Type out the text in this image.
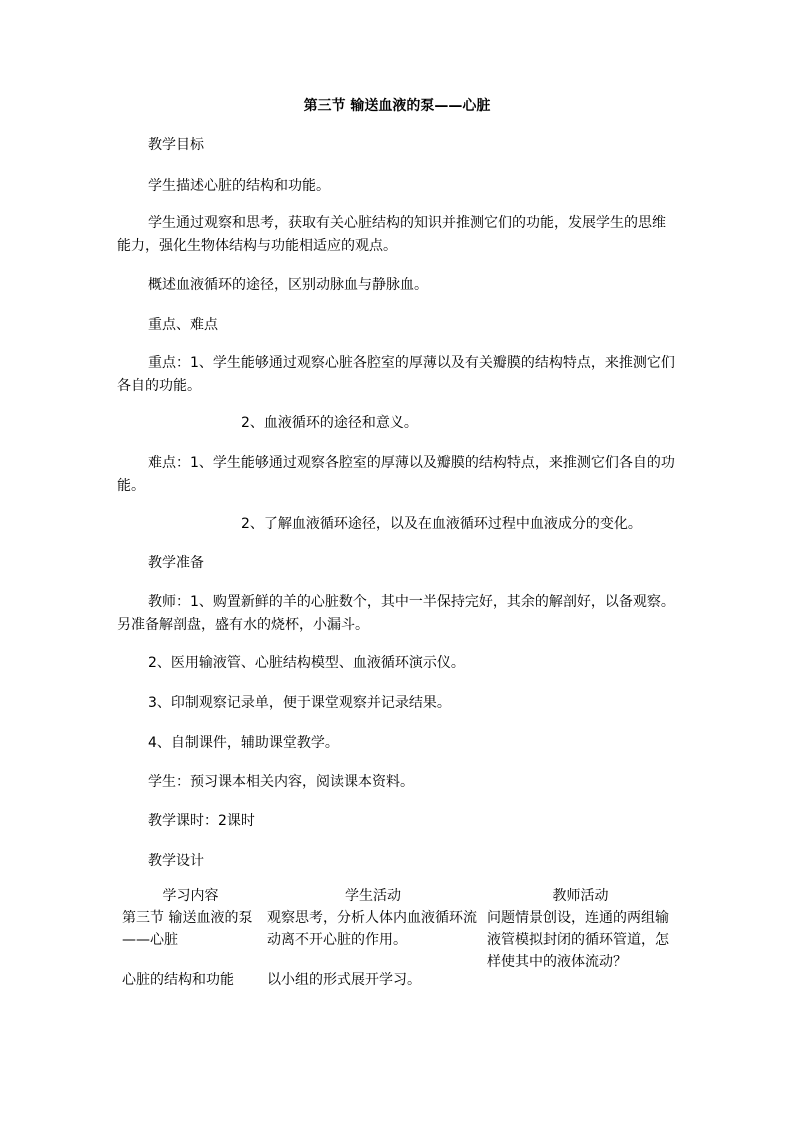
第三节 输送血液的泵——心脏

教学目标

学生描述心脏的结构和功能。

学生通过观察和思考，获取有关心脏结构的知识并推测它们的功能，发展学生的思维能力，强化生物体结构与功能相适应的观点。

概述血液循环的途径，区别动脉血与静脉血。

重点、难点

重点：1、学生能够通过观察心脏各腔室的厚薄以及有关瓣膜的结构特点，来推测它们各自的功能。

2、血液循环的途径和意义。

难点：1、学生能够通过观察各腔室的厚薄以及瓣膜的结构特点，来推测它们各自的功能。

2、了解血液循环途径，以及在血液循环过程中血液成分的变化。

教学准备

教师：1、购置新鲜的羊的心脏数个，其中一半保持完好，其余的解剖好，以备观察。另准备解剖盘，盛有水的烧杯，小漏斗。

2、医用输液管、心脏结构模型、血液循环演示仪。

3、印制观察记录单，便于课堂观察并记录结果。

4、自制课件，辅助课堂教学。

学生：预习课本相关内容，阅读课本资料。

教学课时：2课时

教学设计

学习内容	学生活动	教师活动
第三节 输送血液的泵——心脏	观察思考，分析人体内血液循环流动离不开心脏的作用。	问题情景创设，连通的两组输液管模拟封闭的循环管道，怎样使其中的液体流动？
心脏的结构和功能	以小组的形式展开学习。	
